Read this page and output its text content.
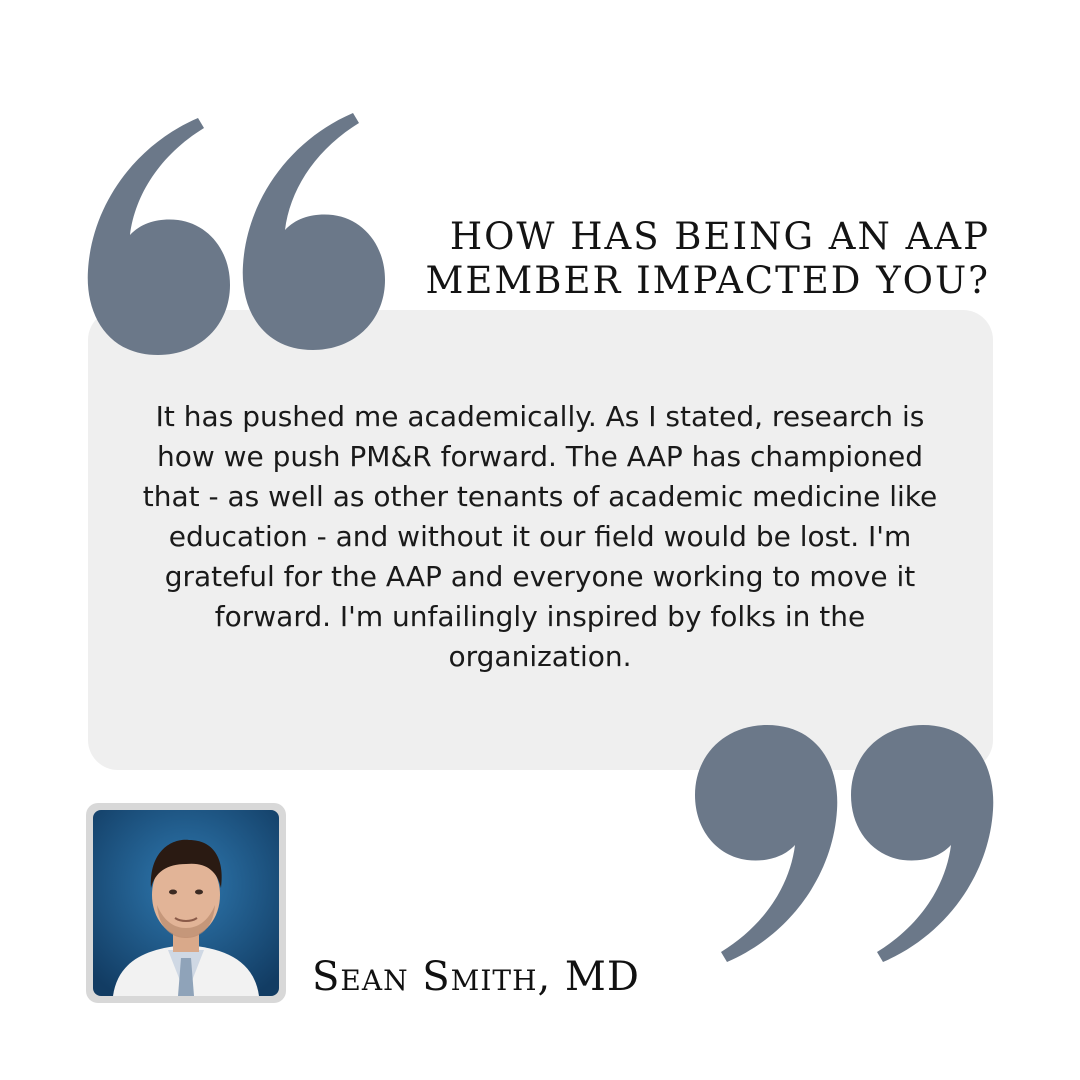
HOW HAS BEING AN AAP
MEMBER IMPACTED YOU?

It has pushed me academically. As I stated, research is how we push PM&R forward. The AAP has championed that - as well as other tenants of academic medicine like education - and without it our field would be lost. I'm grateful for the AAP and everyone working to move it forward. I'm unfailingly inspired by folks in the organization.

Sean Smith, MD
